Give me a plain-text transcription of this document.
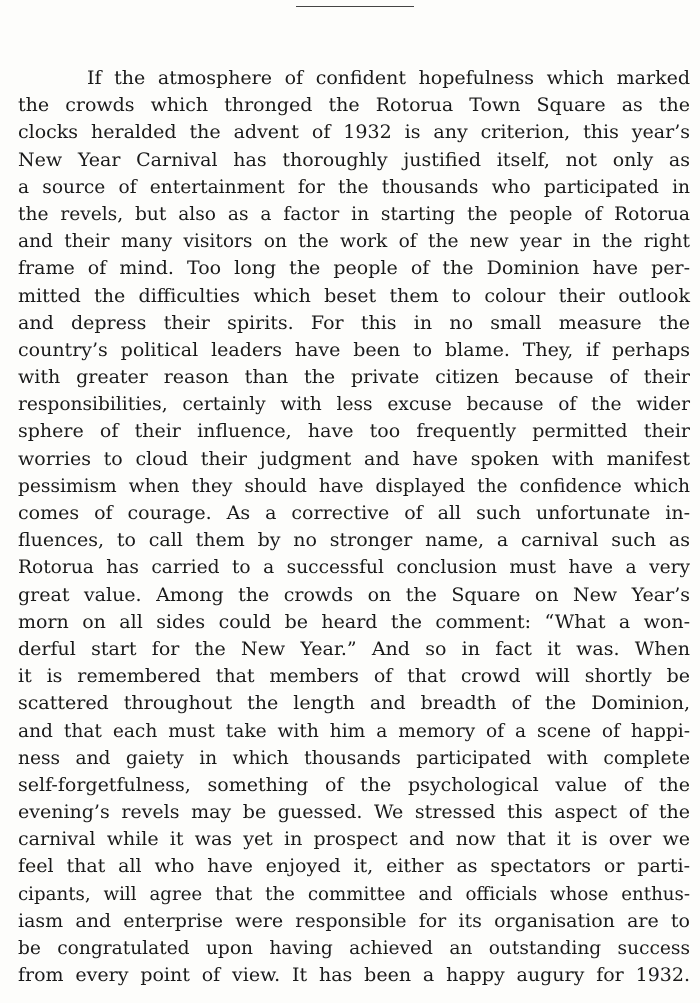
If the atmosphere of confident hopefulness which marked
the crowds which thronged the Rotorua Town Square as the
clocks heralded the advent of 1932 is any criterion, this year’s
New Year Carnival has thoroughly justified itself, not only as
a source of entertainment for the thousands who participated in
the revels, but also as a factor in starting the people of Rotorua
and their many visitors on the work of the new year in the right
frame of mind. Too long the people of the Dominion have per-
mitted the difficulties which beset them to colour their outlook
and depress their spirits. For this in no small measure the
country’s political leaders have been to blame. They, if perhaps
with greater reason than the private citizen because of their
responsibilities, certainly with less excuse because of the wider
sphere of their influence, have too frequently permitted their
worries to cloud their judgment and have spoken with manifest
pessimism when they should have displayed the confidence which
comes of courage. As a corrective of all such unfortunate in-
fluences, to call them by no stronger name, a carnival such as
Rotorua has carried to a successful conclusion must have a very
great value. Among the crowds on the Square on New Year’s
morn on all sides could be heard the comment: “What a won-
derful start for the New Year.” And so in fact it was. When
it is remembered that members of that crowd will shortly be
scattered throughout the length and breadth of the Dominion,
and that each must take with him a memory of a scene of happi-
ness and gaiety in which thousands participated with complete
self-forgetfulness, something of the psychological value of the
evening’s revels may be guessed. We stressed this aspect of the
carnival while it was yet in prospect and now that it is over we
feel that all who have enjoyed it, either as spectators or parti-
cipants, will agree that the committee and officials whose enthus-
iasm and enterprise were responsible for its organisation are to
be congratulated upon having achieved an outstanding success
from every point of view. It has been a happy augury for 1932.
